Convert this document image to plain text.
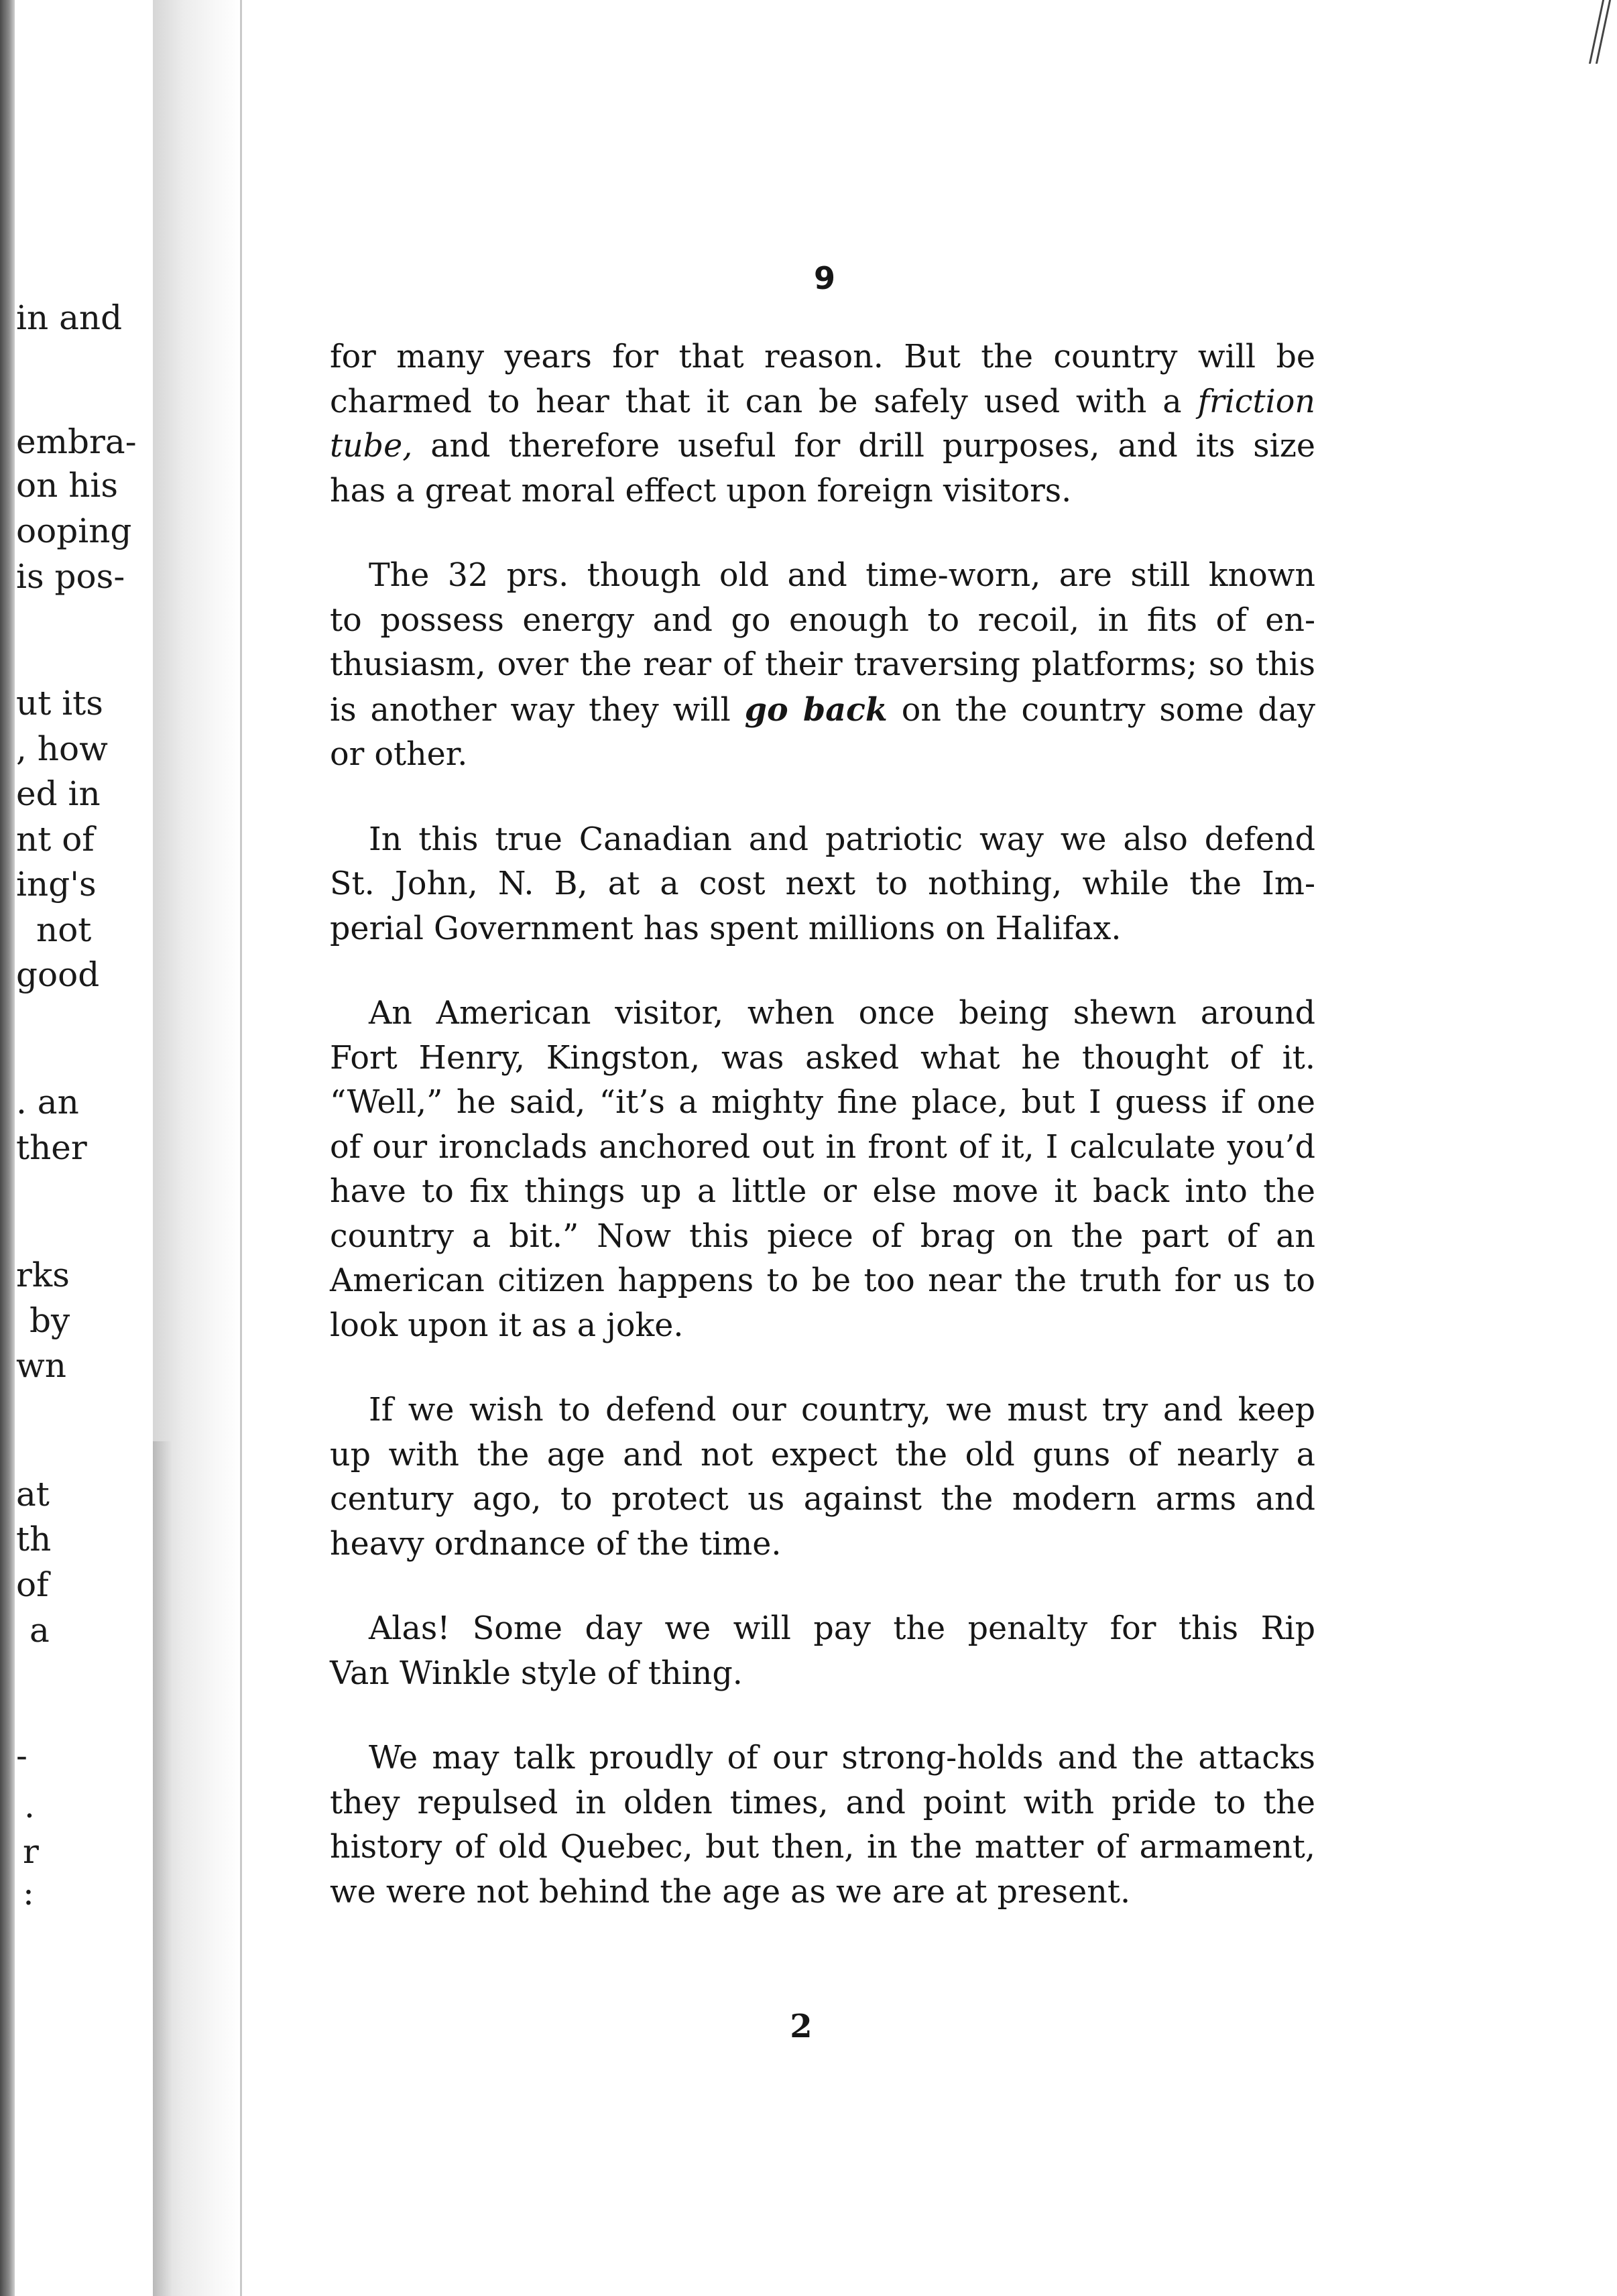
in and
embra-
on his
ooping
is pos-
ut its
, how
ed in
nt of
ing's
not
good
. an
ther
rks
by
wn
at
th
of
a
-
.
r
:
9

for many years for that reason. But the country will be
charmed to hear that it can be safely used with a friction
tube, and therefore useful for drill purposes, and its size
has a great moral effect upon foreign visitors.

The 32 prs. though old and time-worn, are still known
to possess energy and go enough to recoil, in fits of en-
thusiasm, over the rear of their traversing platforms; so this
is another way they will go back on the country some day
or other.

In this true Canadian and patriotic way we also defend
St. John, N. B, at a cost next to nothing, while the Im-
perial Government has spent millions on Halifax.

An American visitor, when once being shewn around
Fort Henry, Kingston, was asked what he thought of it.
“Well,” he said, “it’s a mighty fine place, but I guess if one
of our ironclads anchored out in front of it, I calculate you’d
have to fix things up a little or else move it back into the
country a bit.” Now this piece of brag on the part of an
American citizen happens to be too near the truth for us to
look upon it as a joke.

If we wish to defend our country, we must try and keep
up with the age and not expect the old guns of nearly a
century ago, to protect us against the modern arms and
heavy ordnance of the time.

Alas! Some day we will pay the penalty for this Rip
Van Winkle style of thing.

We may talk proudly of our strong-holds and the attacks
they repulsed in olden times, and point with pride to the
history of old Quebec, but then, in the matter of armament,
we were not behind the age as we are at present.

2
